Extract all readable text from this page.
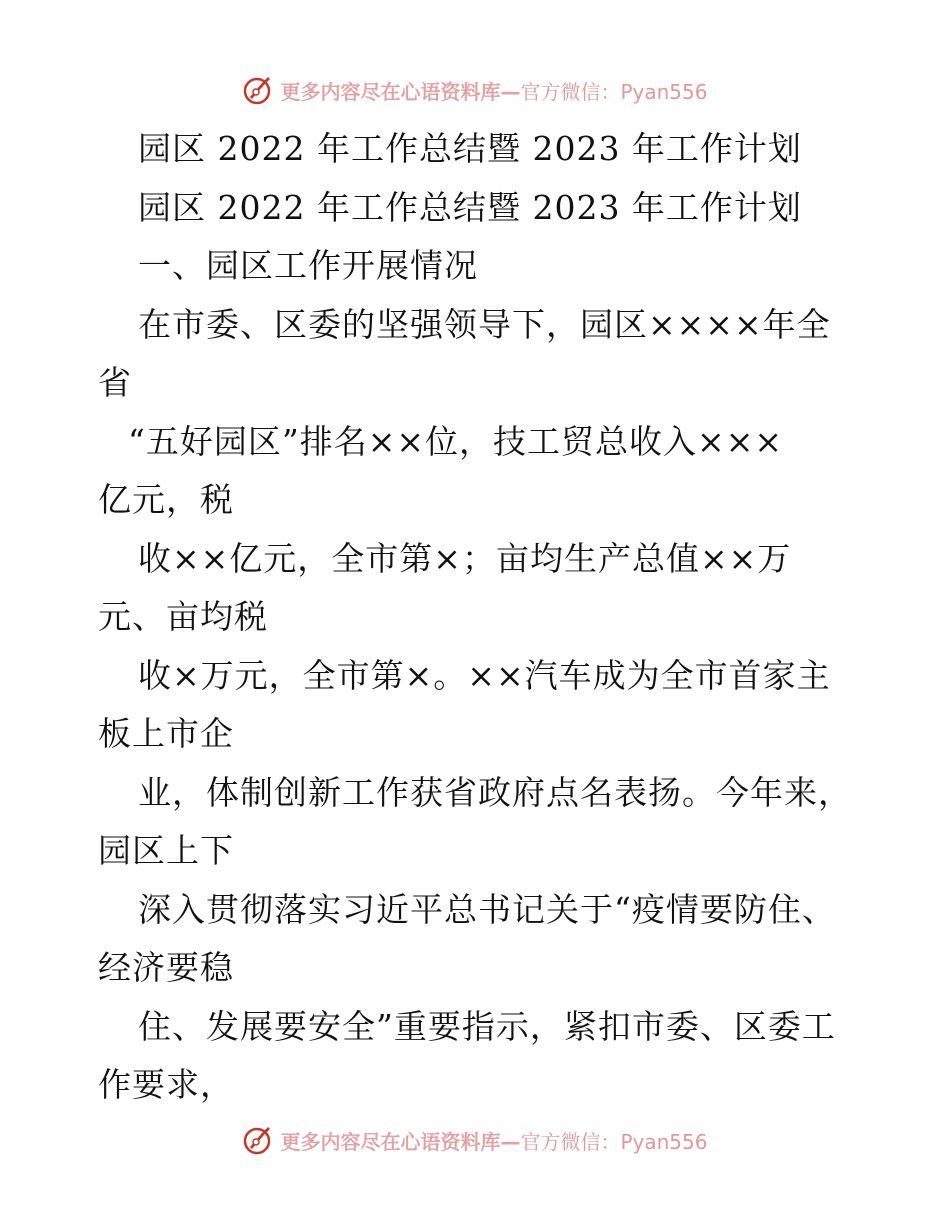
更多内容尽在心语资料库—官方微信：Pyan556
园区 2022 年工作总结暨 2023 年工作计划
园区 2022 年工作总结暨 2023 年工作计划
一、园区工作开展情况
在市委、区委的坚强领导下，园区××××年全
省
“五好园区”排名××位，技工贸总收入×××
亿元，税
收××亿元，全市第×；亩均生产总值××万
元、亩均税
收×万元，全市第×。××汽车成为全市首家主
板上市企
业，体制创新工作获省政府点名表扬。今年来，
园区上下
深入贯彻落实习近平总书记关于“疫情要防住、
经济要稳
住、发展要安全”重要指示，紧扣市委、区委工
作要求，
更多内容尽在心语资料库—官方微信：Pyan556
